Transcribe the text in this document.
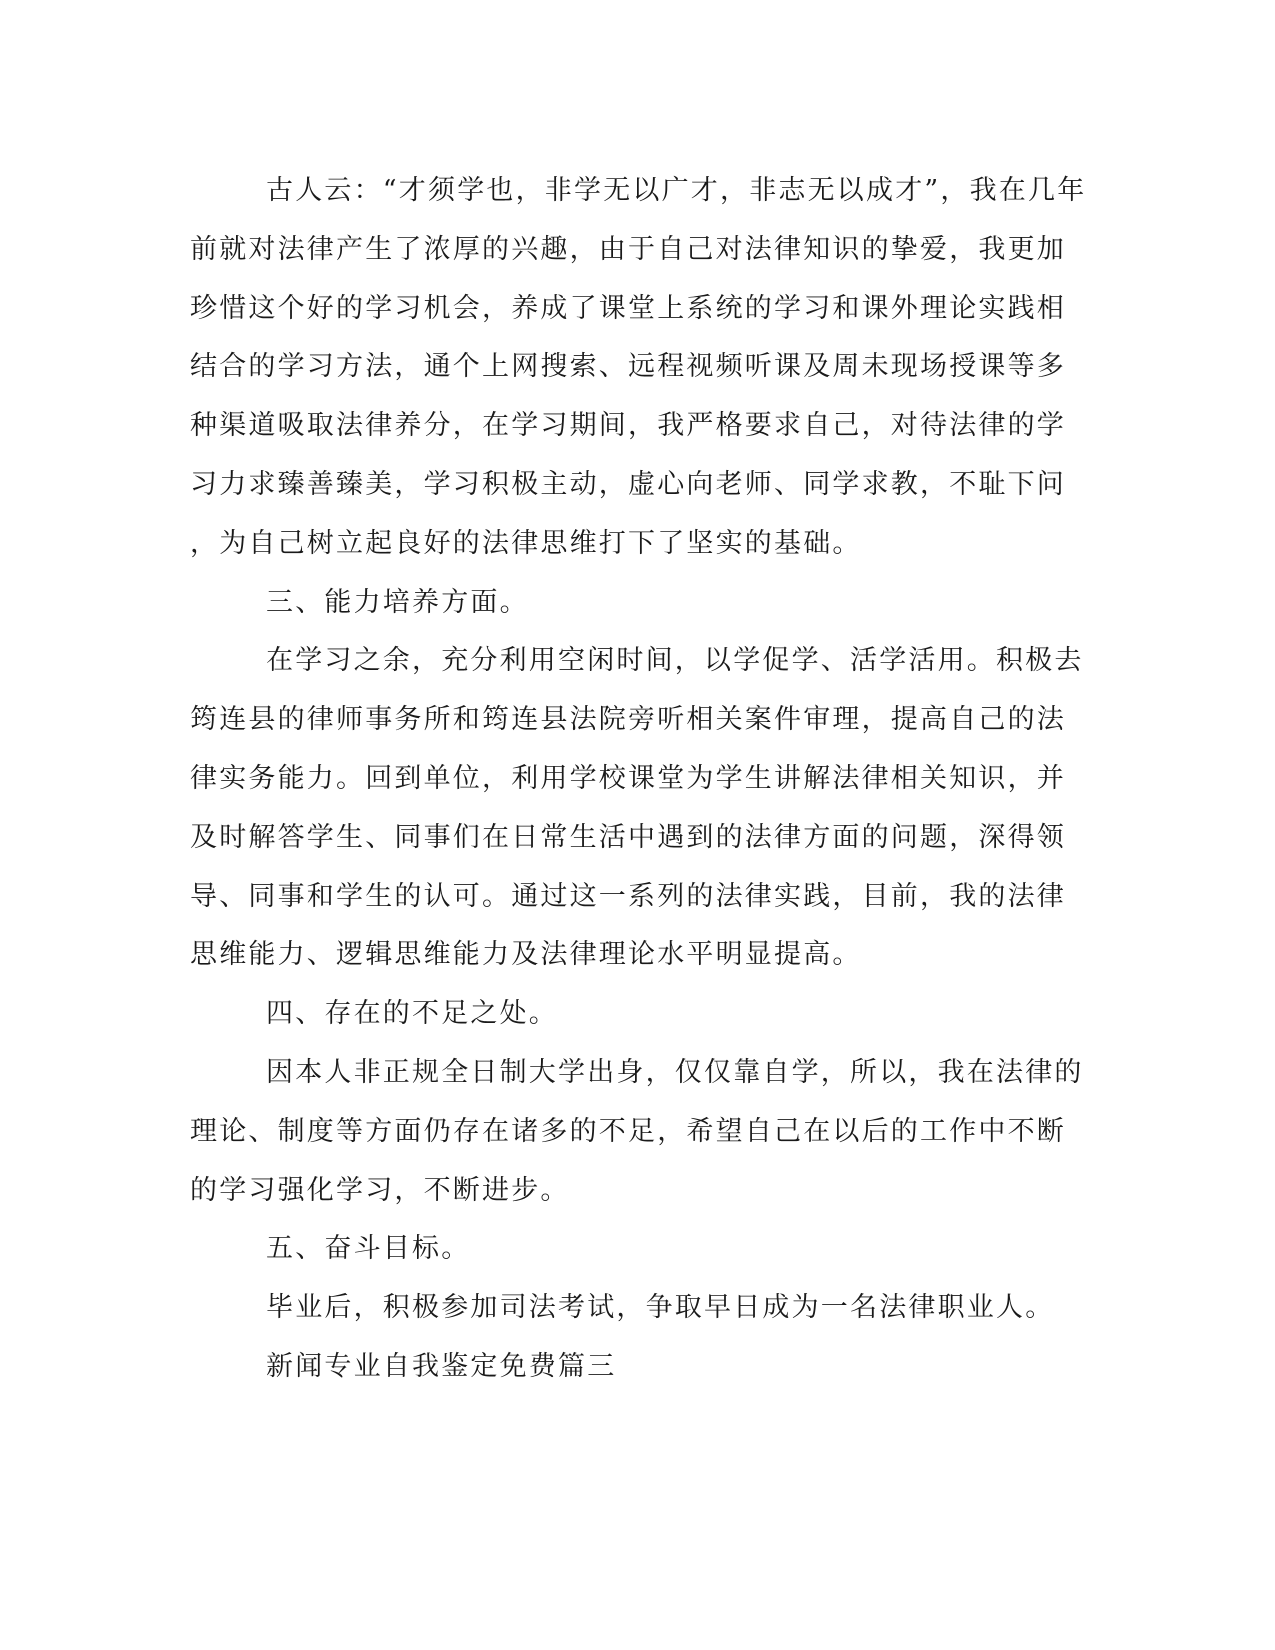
古人云：“才须学也，非学无以广才，非志无以成才”，我在几年
前就对法律产生了浓厚的兴趣，由于自己对法律知识的挚爱，我更加
珍惜这个好的学习机会，养成了课堂上系统的学习和课外理论实践相
结合的学习方法，通个上网搜索、远程视频听课及周未现场授课等多
种渠道吸取法律养分，在学习期间，我严格要求自己，对待法律的学
习力求臻善臻美，学习积极主动，虚心向老师、同学求教，不耻下问
，为自己树立起良好的法律思维打下了坚实的基础。
三、能力培养方面。
在学习之余，充分利用空闲时间，以学促学、活学活用。积极去
筠连县的律师事务所和筠连县法院旁听相关案件审理，提高自己的法
律实务能力。回到单位，利用学校课堂为学生讲解法律相关知识，并
及时解答学生、同事们在日常生活中遇到的法律方面的问题，深得领
导、同事和学生的认可。通过这一系列的法律实践，目前，我的法律
思维能力、逻辑思维能力及法律理论水平明显提高。
四、存在的不足之处。
因本人非正规全日制大学出身，仅仅靠自学，所以，我在法律的
理论、制度等方面仍存在诸多的不足，希望自己在以后的工作中不断
的学习强化学习，不断进步。
五、奋斗目标。
毕业后，积极参加司法考试，争取早日成为一名法律职业人。
新闻专业自我鉴定免费篇三
